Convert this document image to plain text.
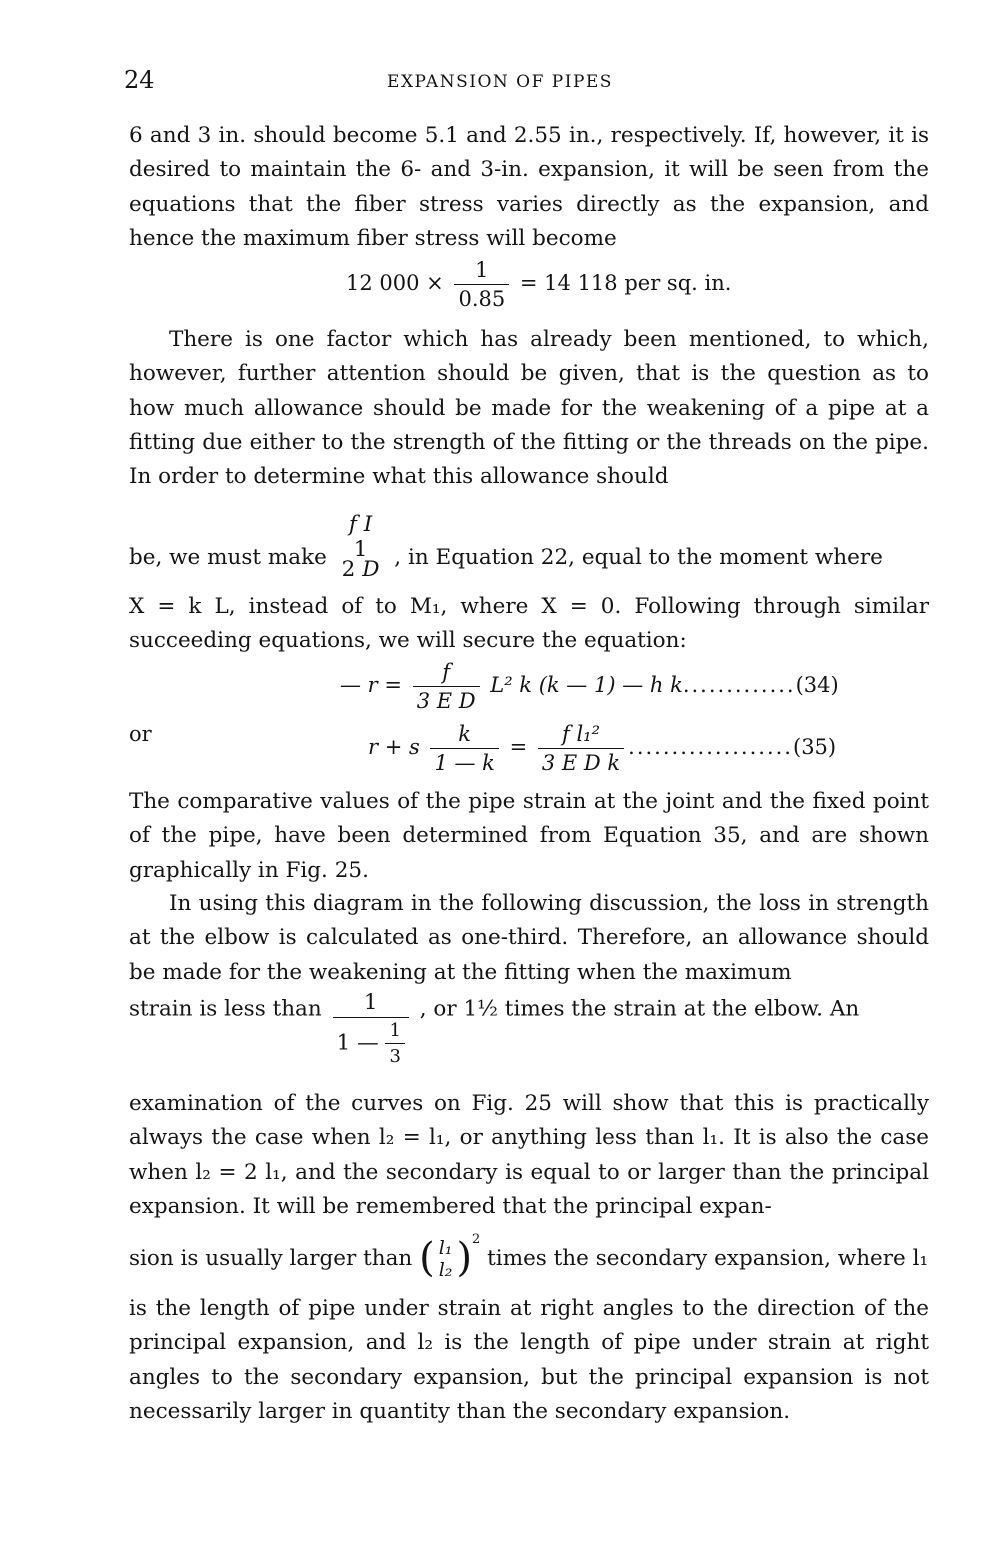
24	EXPANSION OF PIPES

6 and 3 in. should become 5.1 and 2.55 in., respectively. If, however, it is desired to maintain the 6- and 3-in. expansion, it will be seen from the equations that the fiber stress varies directly as the expansion, and hence the maximum fiber stress will become

12 $000 \times \frac{1}{0.85} = 14$ 118 per sq. in.

There is one factor which has already been mentioned, to which, however, further attention should be given, that is the question as to how much allowance should be made for the weakening of a pipe at a fitting due either to the strength of the fitting or the threads on the pipe. In order to determine what this allowance should

be, we must make
f I
1
2 D , in Equation 22, equal to the moment where

X = k L, instead of to M₁, where X = 0. Following through similar succeeding equations, we will secure the equation:

— $r = \frac{f}{\text{3 E D}} L^2$ k (k — 1) — h k.............(34)
or
r + s $\frac{k}{1 — k} = \frac{\text{f l₁²}}{\text{3 E D k}} ...................(35)$

The comparative values of the pipe strain at the joint and the fixed point of the pipe, have been determined from Equation 35, and are shown graphically in Fig. 25.

In using this diagram in the following discussion, the loss in strength at the elbow is calculated as one-third. Therefore, an allowance should be made for the weakening at the fitting when the maximum

strain is less than $\frac{1}{1 — \frac{1}{3}}$ , or 1½ times the strain at the elbow. An

examination of the curves on Fig. 25 will show that this is practically always the case when l₂ = l₁, or anything less than l₁. It is also the case when l₂ = 2 l₁, and the secondary is equal to or larger than the principal expansion. It will be remembered that the principal expan-

sion is usually larger than ( l₁
l₂ )$^2$ times the secondary expansion, where l₁

is the length of pipe under strain at right angles to the direction of the principal expansion, and l₂ is the length of pipe under strain at right angles to the secondary expansion, but the principal expansion is not necessarily larger in quantity than the secondary expansion.
